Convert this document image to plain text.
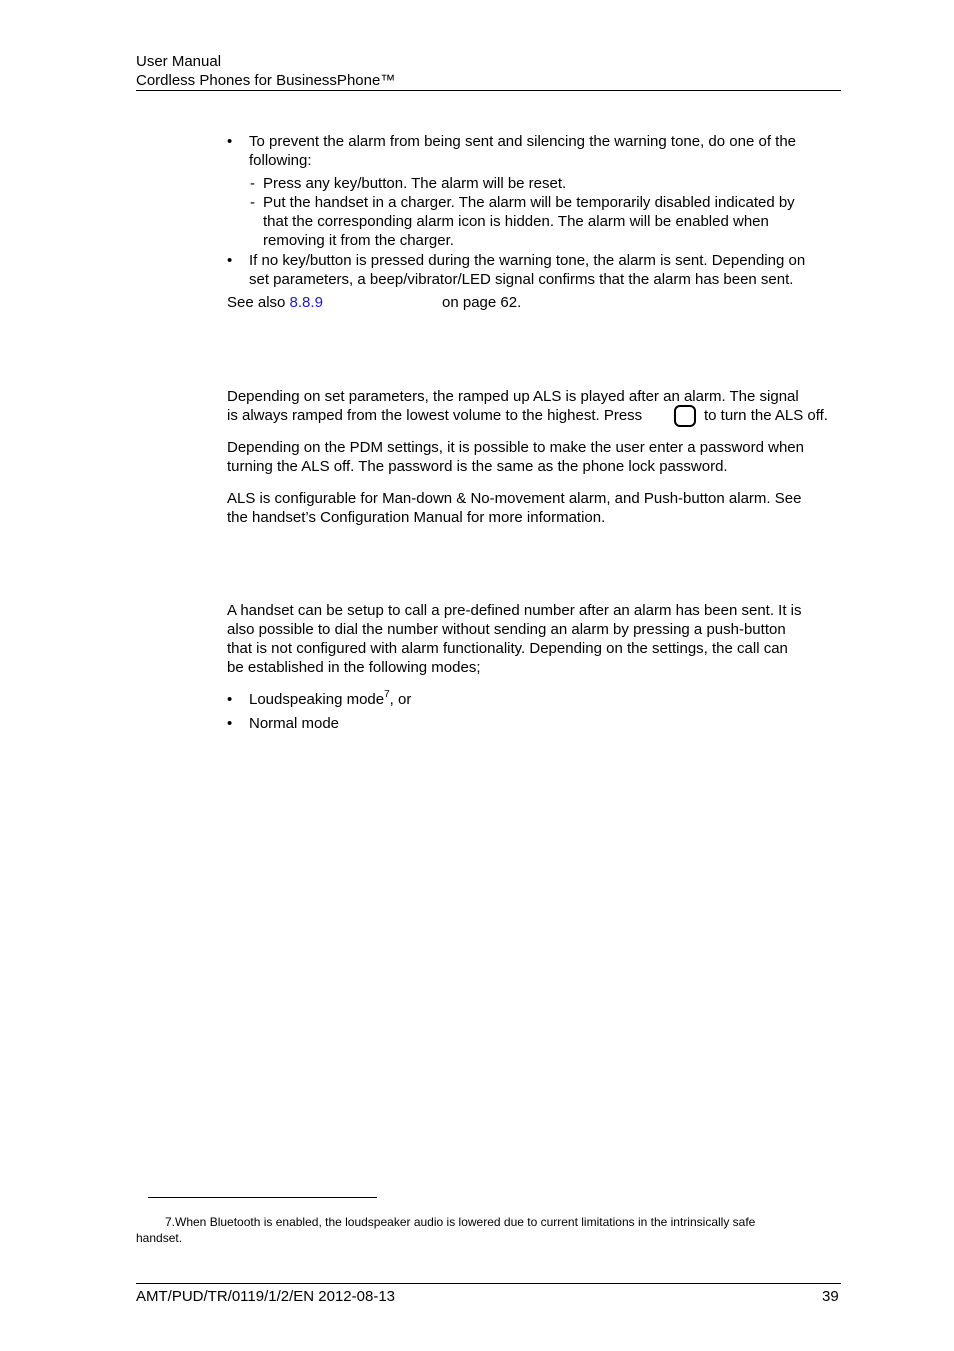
User Manual
Cordless Phones for BusinessPhone™
• To prevent the alarm from being sent and silencing the warning tone, do one of the
following:
- Press any key/button. The alarm will be reset.
- Put the handset in a charger. The alarm will be temporarily disabled indicated by
that the corresponding alarm icon is hidden. The alarm will be enabled when
removing it from the charger.
• If no key/button is pressed during the warning tone, the alarm is sent. Depending on
set parameters, a beep/vibrator/LED signal confirms that the alarm has been sent.
See also 8.8.9	on page 62.
Depending on set parameters, the ramped up ALS is played after an alarm. The signal
is always ramped from the lowest volume to the highest. Press	to turn the ALS off.
Depending on the PDM settings, it is possible to make the user enter a password when
turning the ALS off. The password is the same as the phone lock password.
ALS is configurable for Man-down & No-movement alarm, and Push-button alarm. See
the handset’s Configuration Manual for more information.
A handset can be setup to call a pre-defined number after an alarm has been sent. It is
also possible to dial the number without sending an alarm by pressing a push-button
that is not configured with alarm functionality. Depending on the settings, the call can
be established in the following modes;
• Loudspeaking mode$^7$, or
• Normal mode
7.When Bluetooth is enabled, the loudspeaker audio is lowered due to current limitations in the intrinsically safe
handset.
AMT/PUD/TR/0119/1/2/EN 2012-08-13	39
